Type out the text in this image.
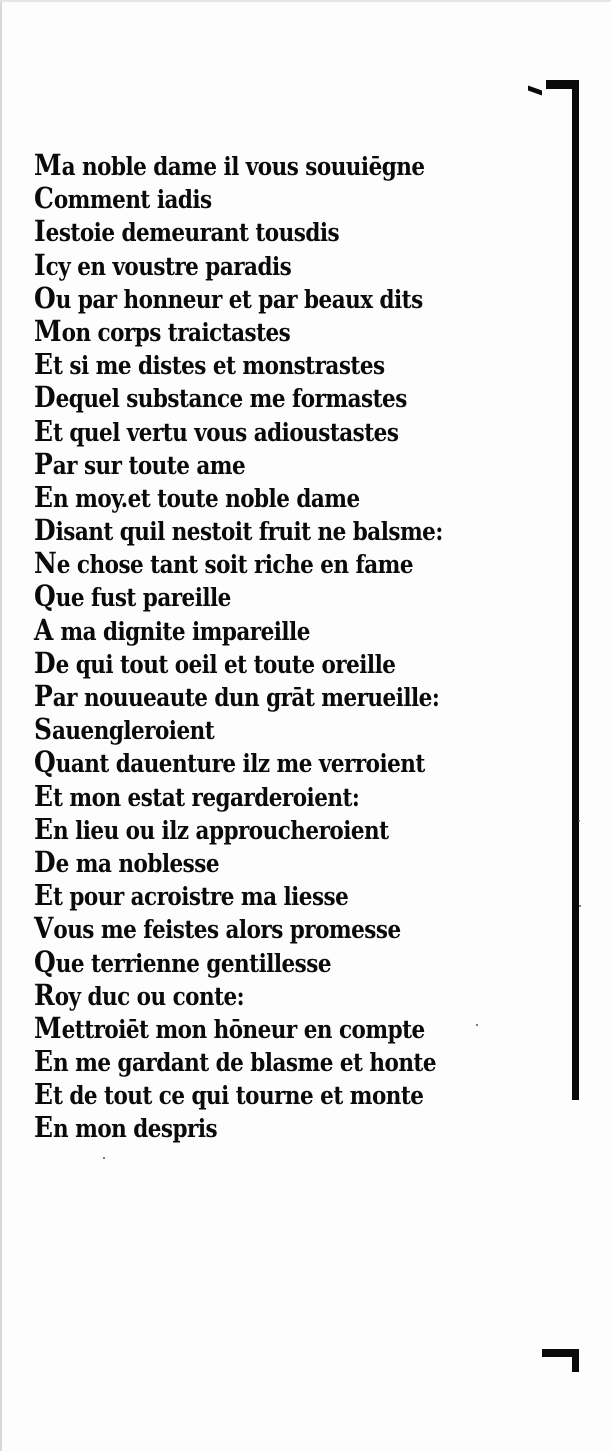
Ma noble dame il vous souuiēgne
Comment iadis
Iestoie demeurant tousdis
Icy en voustre paradis
Ou par honneur et par beaux dits
Mon corps traictastes
Et si me distes et monstrastes
Dequel substance me formastes
Et quel vertu vous adioustastes
Par sur toute ame
En moy.et toute noble dame
Disant quil nestoit fruit ne balsme:
Ne chose tant soit riche en fame
Que fust pareille
A ma dignite impareille
De qui tout oeil et toute oreille
Par nouueaute dun grāt merueille:
Sauengleroient
Quant dauenture ilz me verroient
Et mon estat regarderoient:
En lieu ou ilz approucheroient
De ma noblesse
Et pour acroistre ma liesse
Vous me feistes alors promesse
Que terrienne gentillesse
Roy duc ou conte:
Mettroiēt mon hōneur en compte
En me gardant de blasme et honte
Et de tout ce qui tourne et monte
En mon despris
